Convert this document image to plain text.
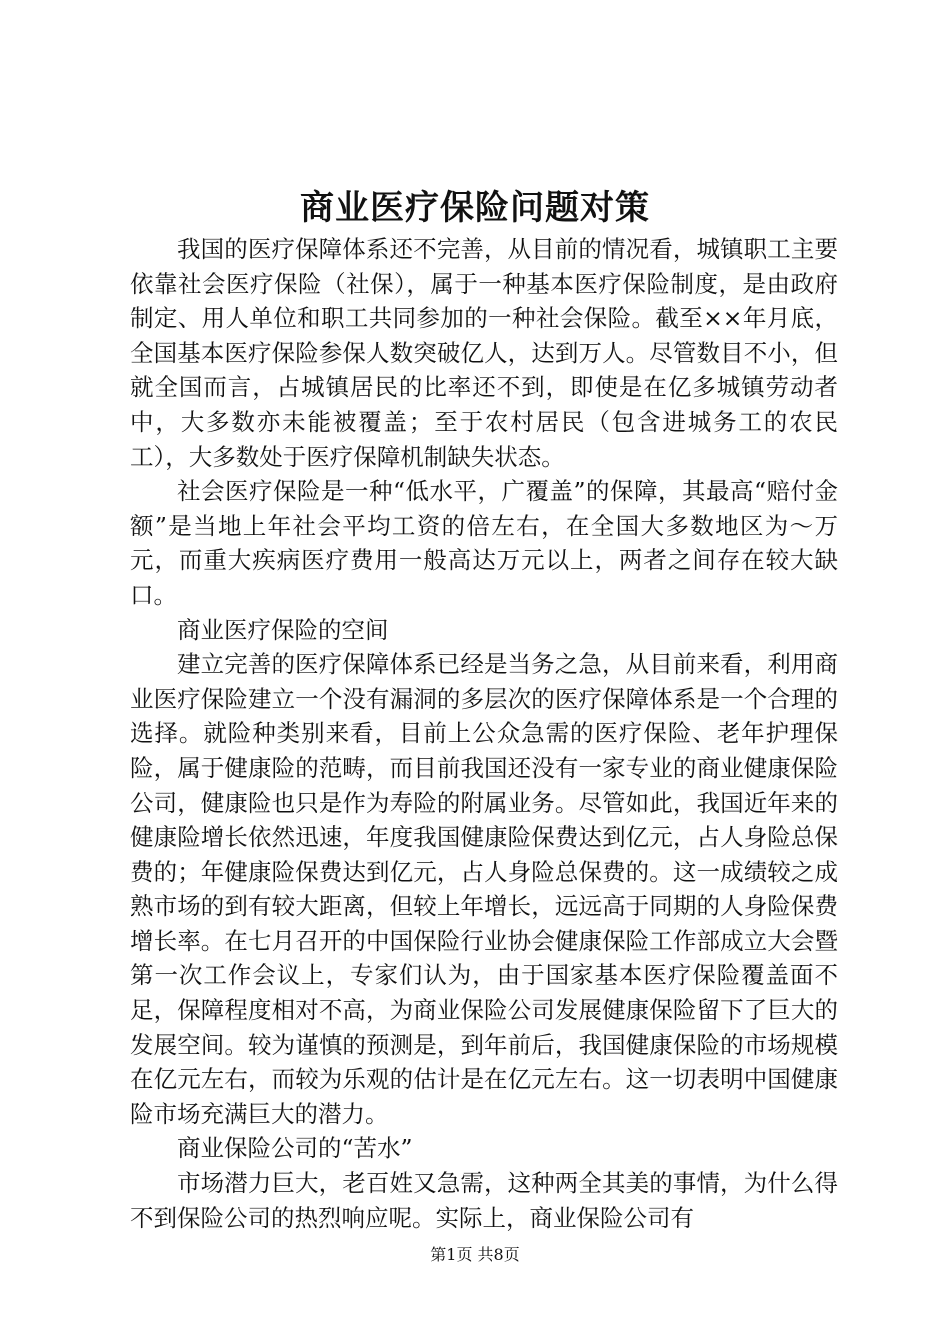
商业医疗保险问题对策

我国的医疗保障体系还不完善，从目前的情况看，城镇职工主要依靠社会医疗保险（社保），属于一种基本医疗保险制度，是由政府制定、用人单位和职工共同参加的一种社会保险。截至××年月底，全国基本医疗保险参保人数突破亿人，达到万人。尽管数目不小，但就全国而言，占城镇居民的比率还不到，即使是在亿多城镇劳动者中，大多数亦未能被覆盖；至于农村居民（包含进城务工的农民工），大多数处于医疗保障机制缺失状态。

社会医疗保险是一种“低水平，广覆盖”的保障，其最高“赔付金额”是当地上年社会平均工资的倍左右，在全国大多数地区为～万元，而重大疾病医疗费用一般高达万元以上，两者之间存在较大缺口。

商业医疗保险的空间

建立完善的医疗保障体系已经是当务之急，从目前来看，利用商业医疗保险建立一个没有漏洞的多层次的医疗保障体系是一个合理的选择。就险种类别来看，目前上公众急需的医疗保险、老年护理保险，属于健康险的范畴，而目前我国还没有一家专业的商业健康保险公司，健康险也只是作为寿险的附属业务。尽管如此，我国近年来的健康险增长依然迅速，年度我国健康险保费达到亿元，占人身险总保费的；年健康险保费达到亿元，占人身险总保费的。这一成绩较之成熟市场的到有较大距离，但较上年增长，远远高于同期的人身险保费增长率。在七月召开的中国保险行业协会健康保险工作部成立大会暨第一次工作会议上，专家们认为，由于国家基本医疗保险覆盖面不足，保障程度相对不高，为商业保险公司发展健康保险留下了巨大的发展空间。较为谨慎的预测是，到年前后，我国健康保险的市场规模在亿元左右，而较为乐观的估计是在亿元左右。这一切表明中国健康险市场充满巨大的潜力。

商业保险公司的“苦水”

市场潜力巨大，老百姓又急需，这种两全其美的事情，为什么得不到保险公司的热烈响应呢。实际上，商业保险公司有

第1页 共8页
